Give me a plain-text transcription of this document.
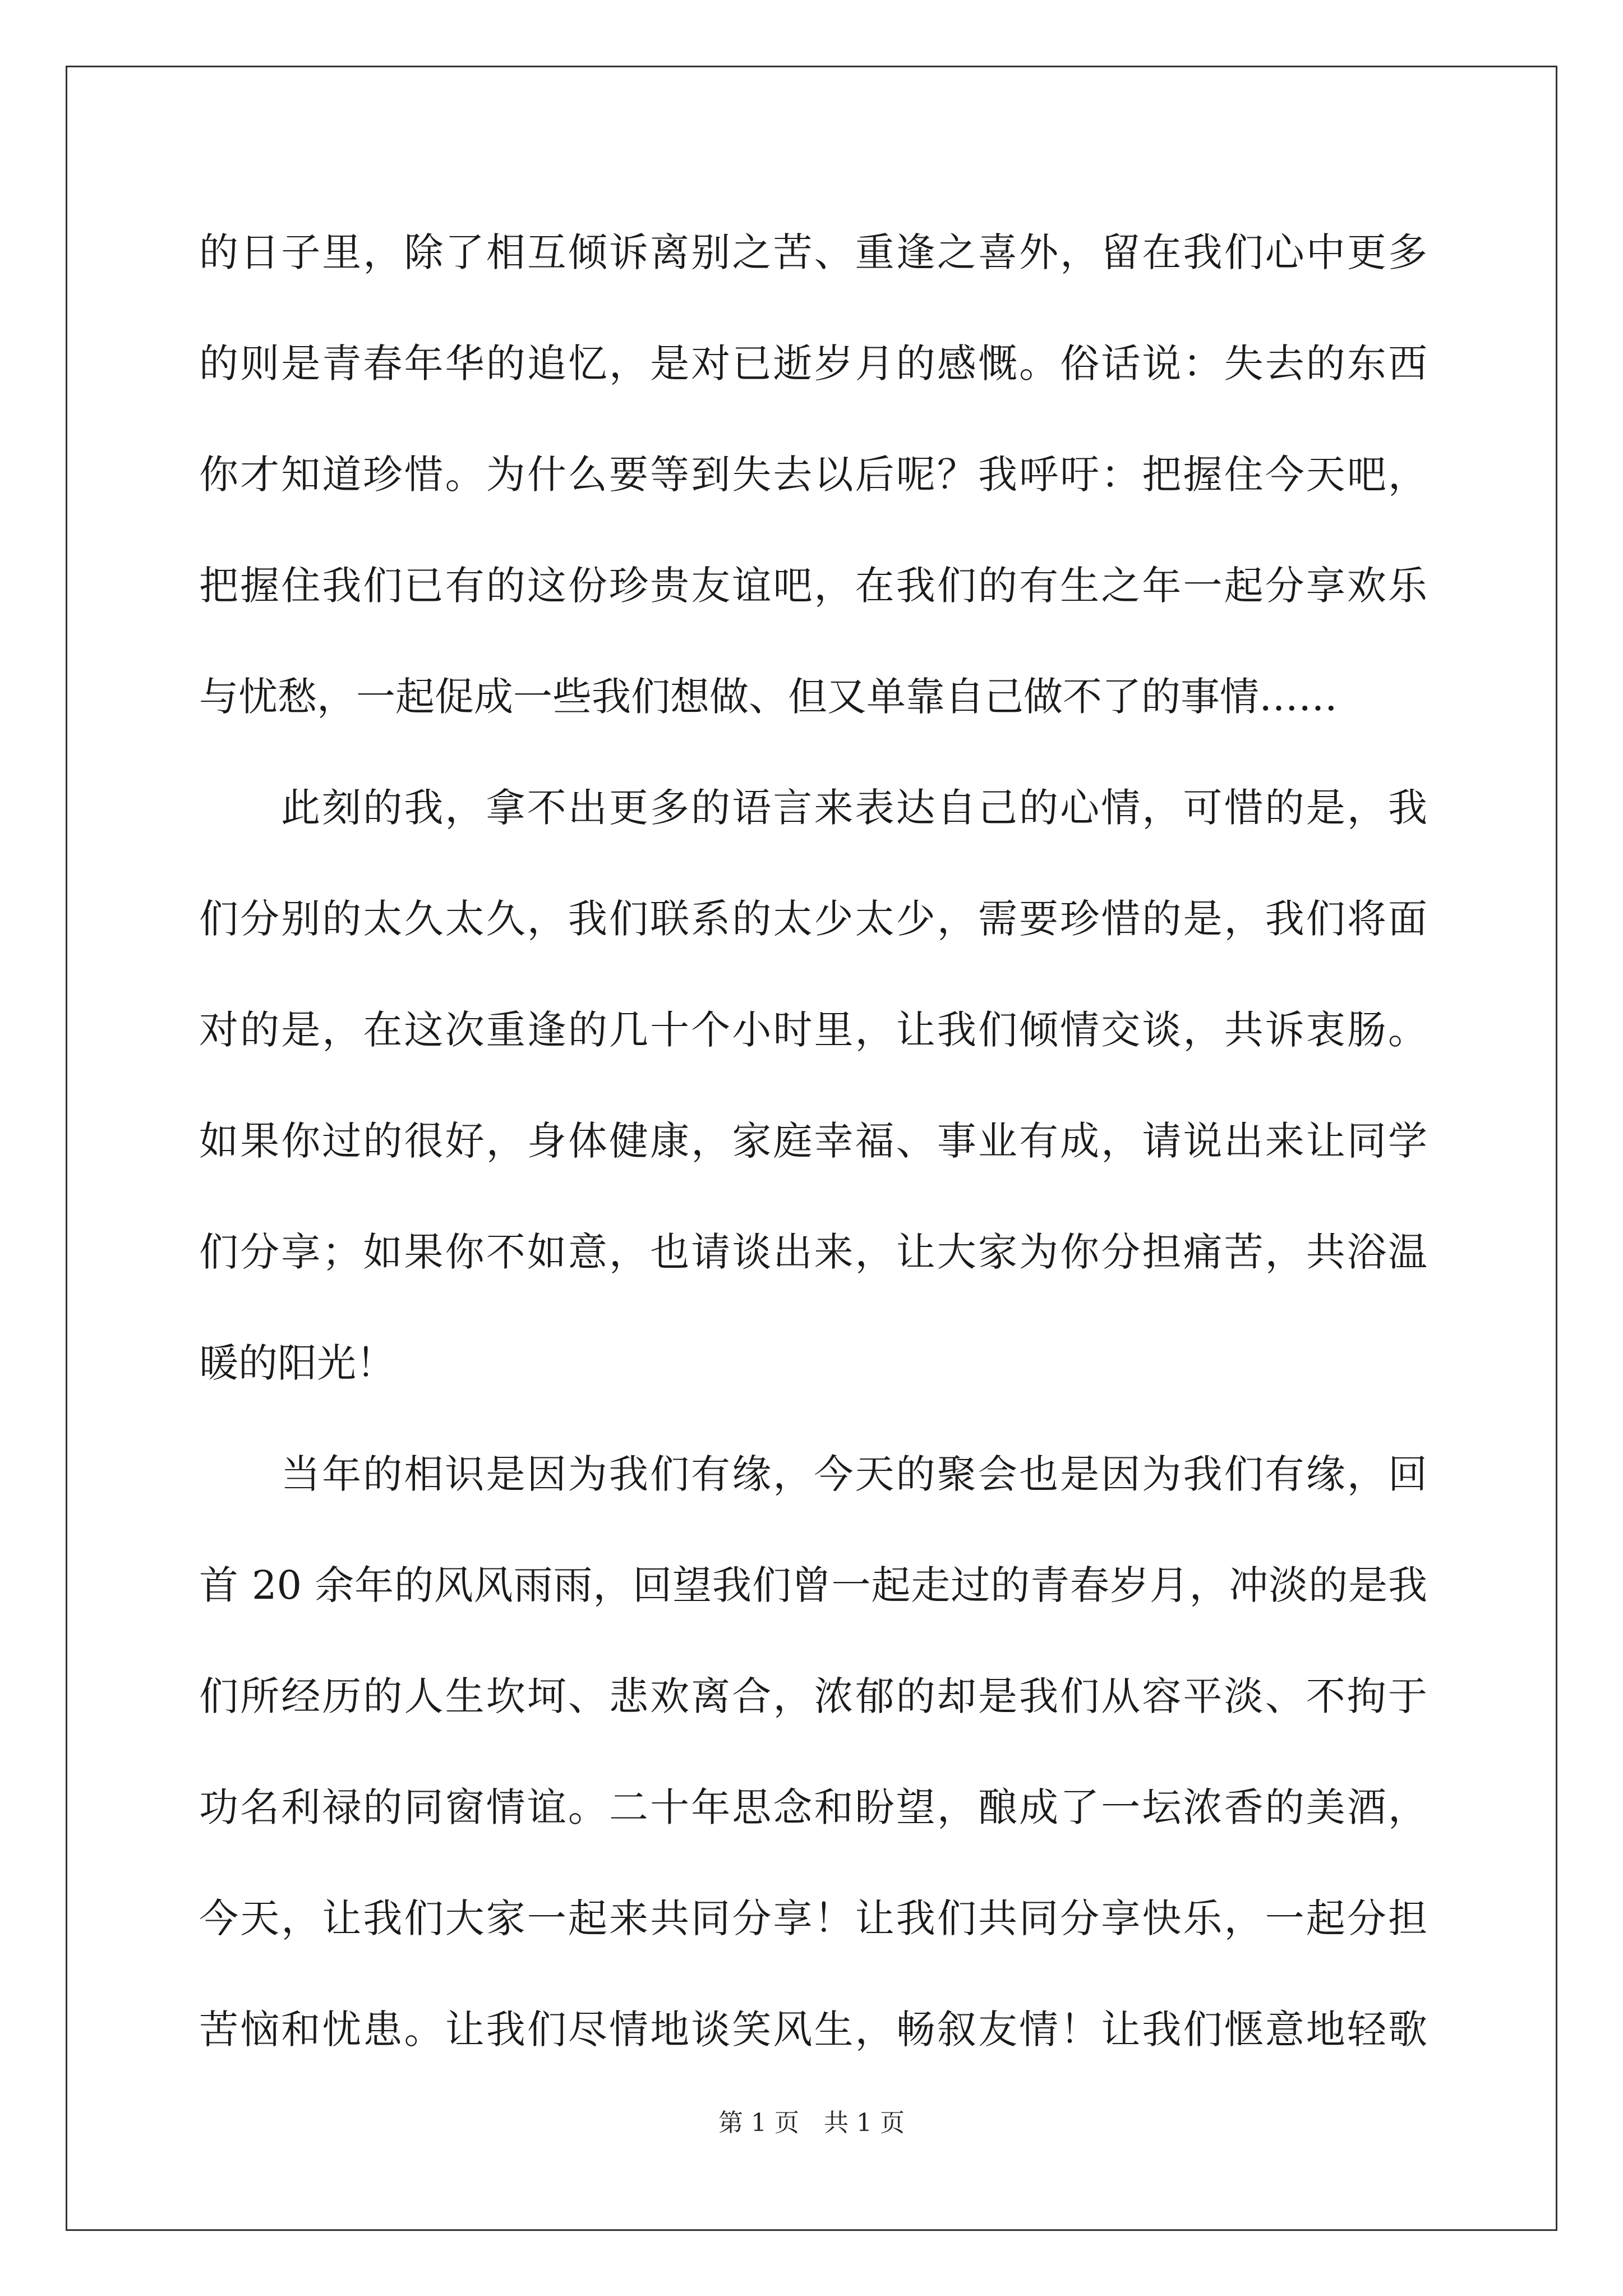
的日子里，除了相互倾诉离别之苦、重逢之喜外，留在我们心中更多
的则是青春年华的追忆，是对已逝岁月的感慨。俗话说：失去的东西
你才知道珍惜。为什么要等到失去以后呢？我呼吁：把握住今天吧，
把握住我们已有的这份珍贵友谊吧，在我们的有生之年一起分享欢乐
与忧愁，一起促成一些我们想做、但又单靠自己做不了的事情……
此刻的我，拿不出更多的语言来表达自己的心情，可惜的是，我
们分别的太久太久，我们联系的太少太少，需要珍惜的是，我们将面
对的是，在这次重逢的几十个小时里，让我们倾情交谈，共诉衷肠。
如果你过的很好，身体健康，家庭幸福、事业有成，请说出来让同学
们分享；如果你不如意，也请谈出来，让大家为你分担痛苦，共浴温
暖的阳光！
当年的相识是因为我们有缘，今天的聚会也是因为我们有缘，回
首 20 余年的风风雨雨，回望我们曾一起走过的青春岁月，冲淡的是我
们所经历的人生坎坷、悲欢离合，浓郁的却是我们从容平淡、不拘于
功名利禄的同窗情谊。二十年思念和盼望，酿成了一坛浓香的美酒，
今天，让我们大家一起来共同分享！让我们共同分享快乐，一起分担
苦恼和忧患。让我们尽情地谈笑风生，畅叙友情！让我们惬意地轻歌
第 1 页　共 1 页
